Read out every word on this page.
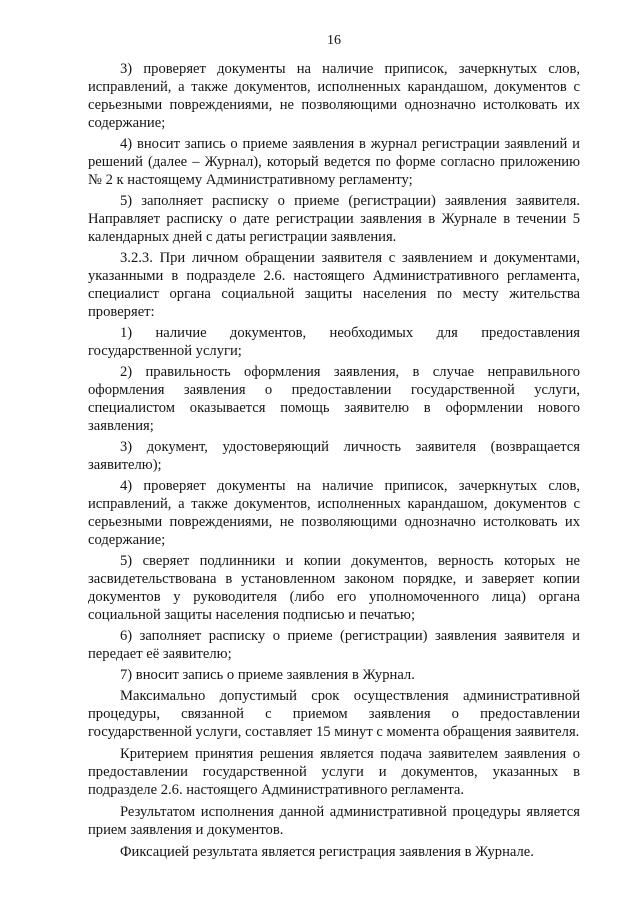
16

3) проверяет документы на наличие приписок, зачеркнутых слов, исправлений, а также документов, исполненных карандашом, документов с серьезными повреждениями, не позволяющими однозначно истолковать их содержание;

4) вносит запись о приеме заявления в журнал регистрации заявлений и решений (далее – Журнал), который ведется по форме согласно приложению № 2 к настоящему Административному регламенту;

5) заполняет расписку о приеме (регистрации) заявления заявителя. Направляет расписку о дате регистрации заявления в Журнале в течении 5 календарных дней с даты регистрации заявления.

3.2.3. При личном обращении заявителя с заявлением и документами, указанными в подразделе 2.6. настоящего Административного регламента, специалист органа социальной защиты населения по месту жительства проверяет:

1) наличие документов, необходимых для предоставления государственной услуги;

2) правильность оформления заявления, в случае неправильного оформления заявления о предоставлении государственной услуги, специалистом оказывается помощь заявителю в оформлении нового заявления;

3) документ, удостоверяющий личность заявителя (возвращается заявителю);

4) проверяет документы на наличие приписок, зачеркнутых слов, исправлений, а также документов, исполненных карандашом, документов с серьезными повреждениями, не позволяющими однозначно истолковать их содержание;

5) сверяет подлинники и копии документов, верность которых не засвидетельствована в установленном законом порядке, и заверяет копии документов у руководителя (либо его уполномоченного лица) органа социальной защиты населения подписью и печатью;

6) заполняет расписку о приеме (регистрации) заявления заявителя и передает её заявителю;

7) вносит запись о приеме заявления в Журнал.

Максимально допустимый срок осуществления административной процедуры, связанной с приемом заявления о предоставлении государственной услуги, составляет 15 минут с момента обращения заявителя.

Критерием принятия решения является подача заявителем заявления о предоставлении государственной услуги и документов, указанных в подразделе 2.6. настоящего Административного регламента.

Результатом исполнения данной административной процедуры является прием заявления и документов.

Фиксацией результата является регистрация заявления в Журнале.
